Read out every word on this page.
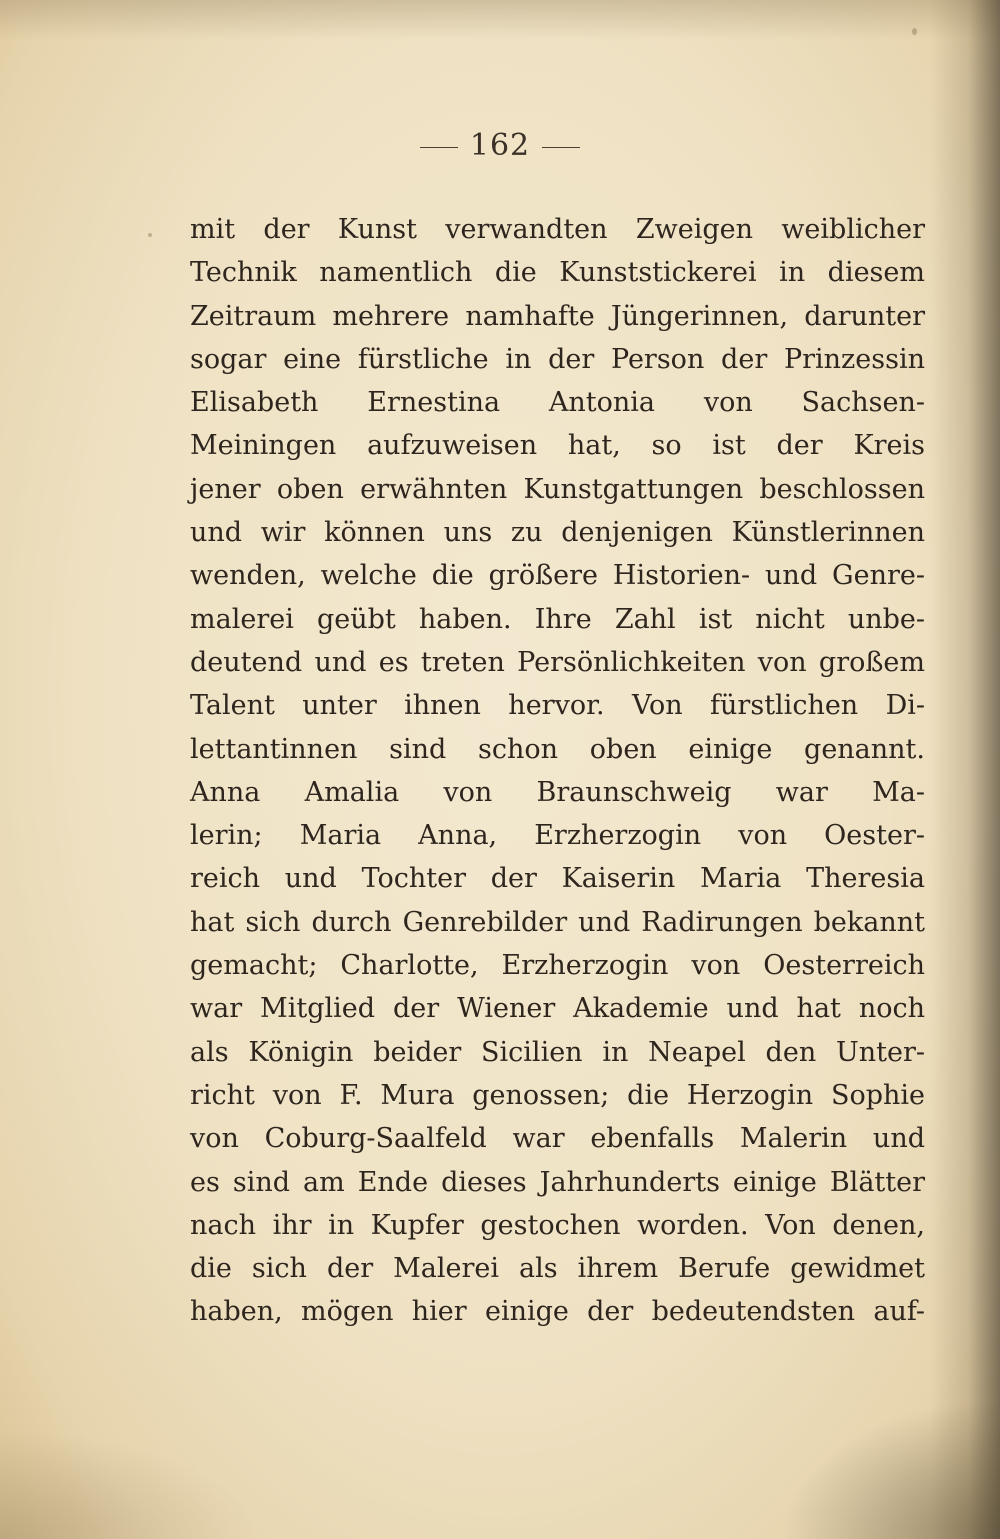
162
mit der Kunst verwandten Zweigen weiblicher
Technik namentlich die Kunststickerei in diesem
Zeitraum mehrere namhafte Jüngerinnen, darunter
sogar eine fürstliche in der Person der Prinzessin
Elisabeth Ernestina Antonia von Sachsen-
Meiningen aufzuweisen hat, so ist der Kreis
jener oben erwähnten Kunstgattungen beschlossen
und wir können uns zu denjenigen Künstlerinnen
wenden, welche die größere Historien- und Genre-
malerei geübt haben. Ihre Zahl ist nicht unbe-
deutend und es treten Persönlichkeiten von großem
Talent unter ihnen hervor. Von fürstlichen Di-
lettantinnen sind schon oben einige genannt.
Anna Amalia von Braunschweig war Ma-
lerin; Maria Anna, Erzherzogin von Oester-
reich und Tochter der Kaiserin Maria Theresia
hat sich durch Genrebilder und Radirungen bekannt
gemacht; Charlotte, Erzherzogin von Oesterreich
war Mitglied der Wiener Akademie und hat noch
als Königin beider Sicilien in Neapel den Unter-
richt von F. Mura genossen; die Herzogin Sophie
von Coburg-Saalfeld war ebenfalls Malerin und
es sind am Ende dieses Jahrhunderts einige Blätter
nach ihr in Kupfer gestochen worden. Von denen,
die sich der Malerei als ihrem Berufe gewidmet
haben, mögen hier einige der bedeutendsten auf-
